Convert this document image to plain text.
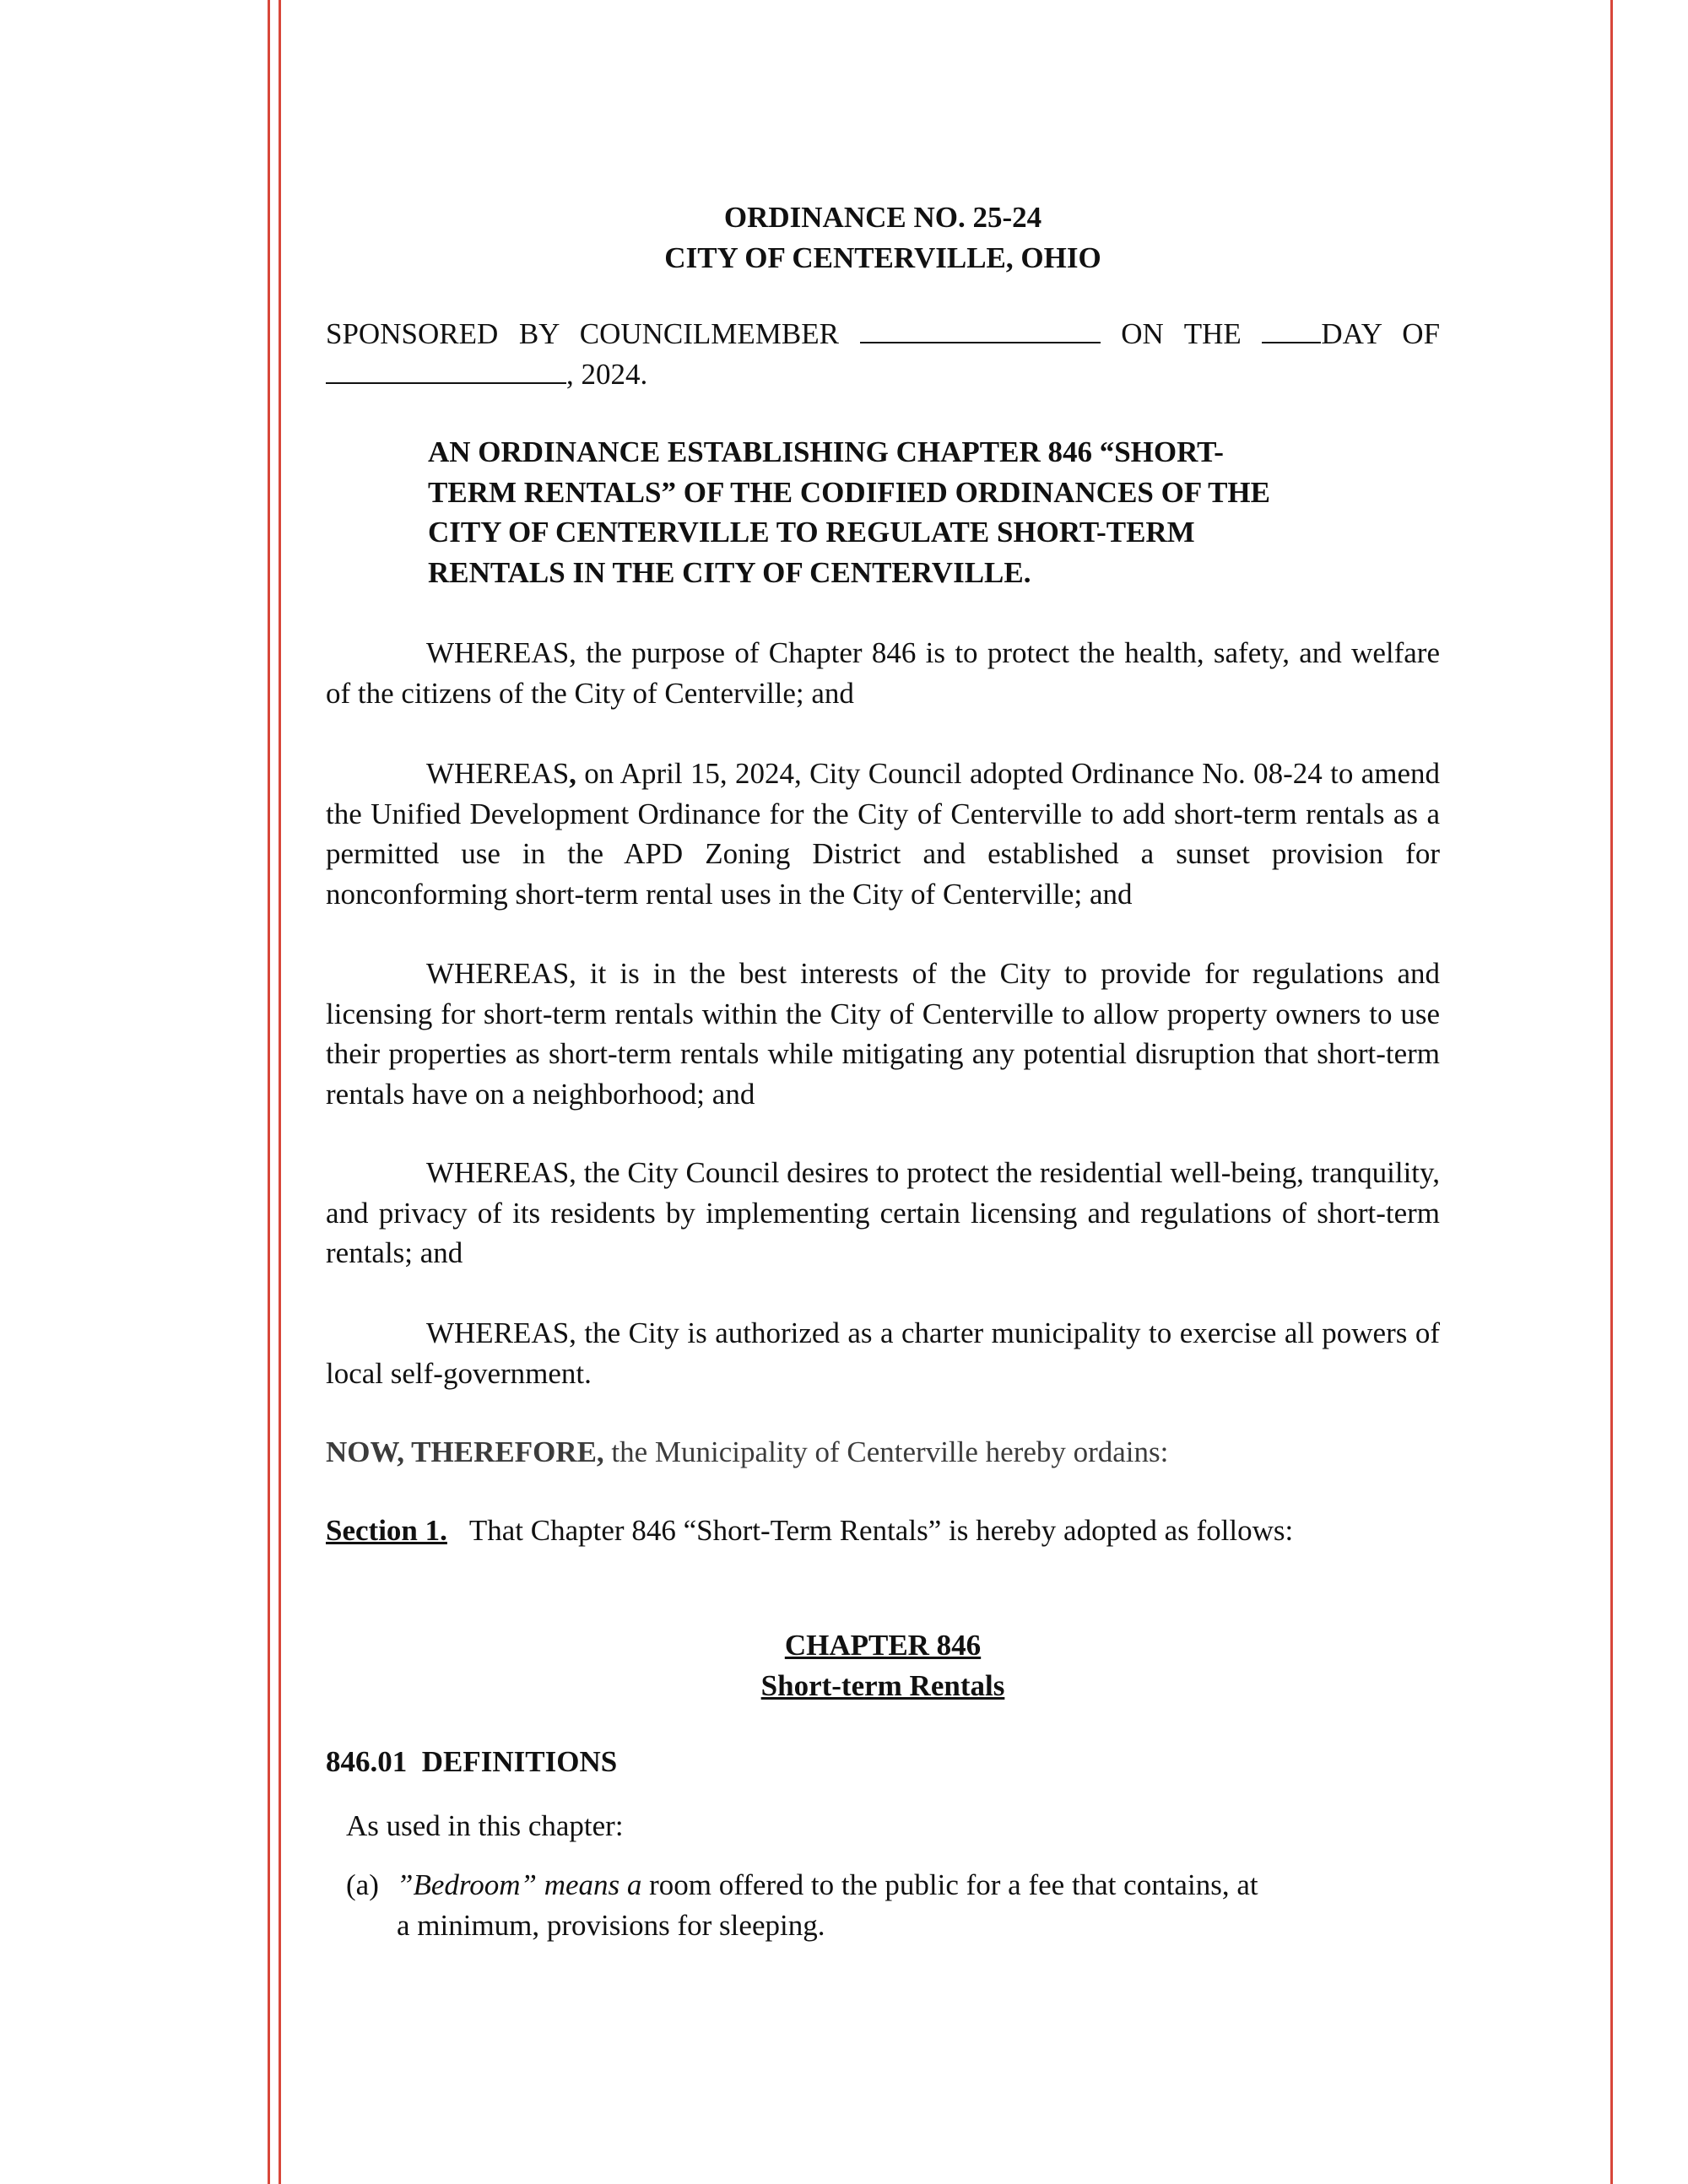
ORDINANCE NO. 25-24
CITY OF CENTERVILLE, OHIO
SPONSORED BY COUNCILMEMBER	ON THE	DAY OF
, 2024.
AN ORDINANCE ESTABLISHING CHAPTER 846 “SHORT-
TERM RENTALS” OF THE CODIFIED ORDINANCES OF THE
CITY OF CENTERVILLE TO REGULATE SHORT-TERM
RENTALS IN THE CITY OF CENTERVILLE.
WHEREAS, the purpose of Chapter 846 is to protect the health, safety, and welfare of the citizens of the City of Centerville; and
WHEREAS, on April 15, 2024, City Council adopted Ordinance No. 08-24 to amend the Unified Development Ordinance for the City of Centerville to add short-term rentals as a permitted use in the APD Zoning District and established a sunset provision for nonconforming short-term rental uses in the City of Centerville; and
WHEREAS, it is in the best interests of the City to provide for regulations and licensing for short-term rentals within the City of Centerville to allow property owners to use their properties as short-term rentals while mitigating any potential disruption that short-term rentals have on a neighborhood; and
WHEREAS, the City Council desires to protect the residential well-being, tranquility, and privacy of its residents by implementing certain licensing and regulations of short-term rentals; and
WHEREAS, the City is authorized as a charter municipality to exercise all powers of local self-government.
NOW, THEREFORE, the Municipality of Centerville hereby ordains:
Section 1. That Chapter 846 “Short-Term Rentals” is hereby adopted as follows:
CHAPTER 846
Short-term Rentals
846.01  DEFINITIONS
As used in this chapter:
(a) ”Bedroom” means a room offered to the public for a fee that contains, at a minimum, provisions for sleeping.
